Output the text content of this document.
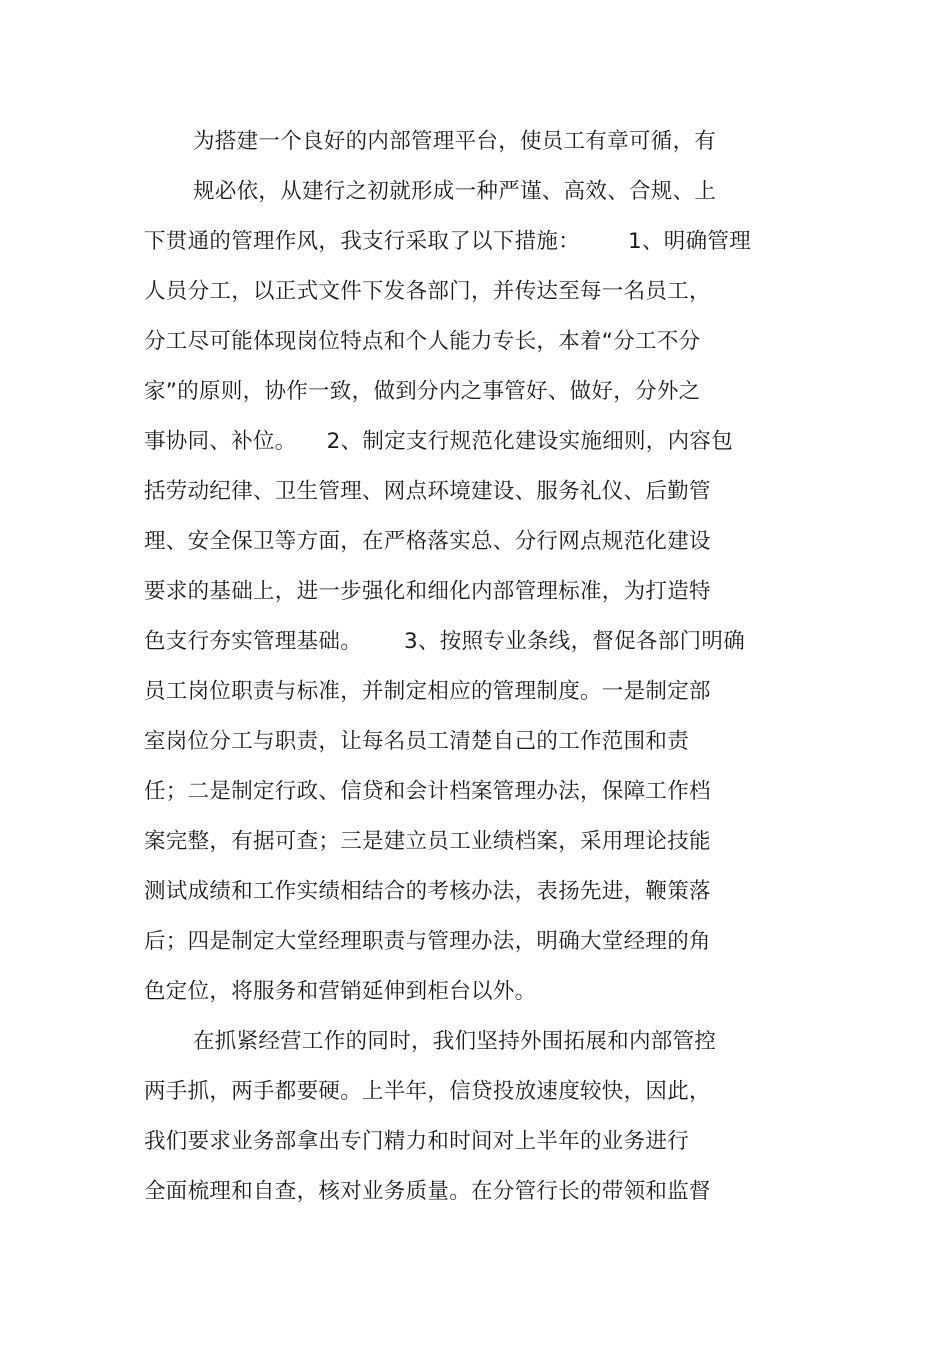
为搭建一个良好的内部管理平台，使员工有章可循，有
规必依，从建行之初就形成一种严谨、高效、合规、上
下贯通的管理作风，我支行采取了以下措施： 1、明确管理
人员分工，以正式文件下发各部门，并传达至每一名员工，
分工尽可能体现岗位特点和个人能力专长，本着“分工不分
家”的原则，协作一致，做到分内之事管好、做好，分外之
事协同、补位。 2、制定支行规范化建设实施细则，内容包
括劳动纪律、卫生管理、网点环境建设、服务礼仪、后勤管
理、安全保卫等方面，在严格落实总、分行网点规范化建设
要求的基础上，进一步强化和细化内部管理标准，为打造特
色支行夯实管理基础。 3、按照专业条线，督促各部门明确
员工岗位职责与标准，并制定相应的管理制度。一是制定部
室岗位分工与职责，让每名员工清楚自己的工作范围和责
任；二是制定行政、信贷和会计档案管理办法，保障工作档
案完整，有据可查；三是建立员工业绩档案，采用理论技能
测试成绩和工作实绩相结合的考核办法，表扬先进，鞭策落
后；四是制定大堂经理职责与管理办法，明确大堂经理的角
色定位，将服务和营销延伸到柜台以外。
在抓紧经营工作的同时，我们坚持外围拓展和内部管控
两手抓，两手都要硬。上半年，信贷投放速度较快，因此，
我们要求业务部拿出专门精力和时间对上半年的业务进行
全面梳理和自查，核对业务质量。在分管行长的带领和监督
